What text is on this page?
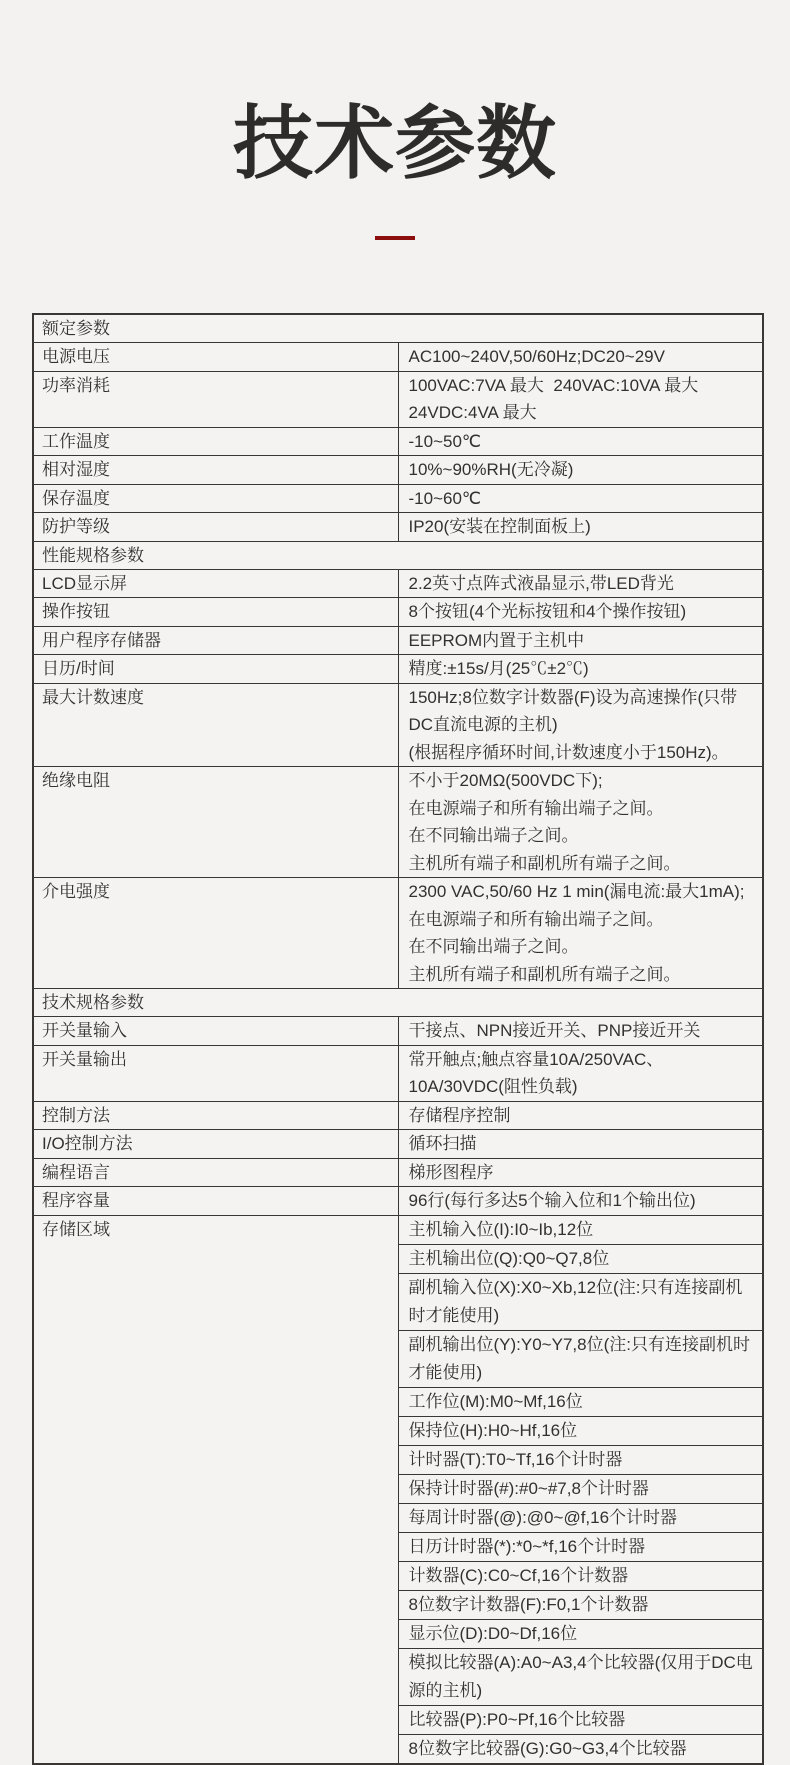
技术参数
额定参数	
电源电压	AC100~240V,50/60Hz;DC20~29V

功率消耗	100VAC:7VA 最大  240VAC:10VA 最大  24VDC:4VA 最大

工作温度	-10~50℃

相对湿度	10%~90%RH(无冷凝)

保存温度	-10~60℃

防护等级	IP20(安装在控制面板上)

性能规格参数	
LCD显示屏	2.2英寸点阵式液晶显示,带LED背光

操作按钮	8个按钮(4个光标按钮和4个操作按钮)

用户程序存储器	EEPROM内置于主机中

日历/时间	精度:±15s/月(25℃±2℃)

最大计数速度	150Hz;8位数字计数器(F)设为高速操作(只带DC直流电源的主机)
(根据程序循环时间,计数速度小于150Hz)。

绝缘电阻	不小于20MΩ(500VDC下);
在电源端子和所有输出端子之间。
在不同输出端子之间。
主机所有端子和副机所有端子之间。

介电强度	2300 VAC,50/60 Hz 1 min(漏电流:最大1mA);
在电源端子和所有输出端子之间。
在不同输出端子之间。
主机所有端子和副机所有端子之间。

技术规格参数	
开关量输入	干接点、NPN接近开关、PNP接近开关

开关量输出	常开触点;触点容量10A/250VAC、10A/30VDC(阻性负载)

控制方法	存储程序控制

I/O控制方法	循环扫描

编程语言	梯形图程序

程序容量	96行(每行多达5个输入位和1个输出位)

存储区域	主机输入位(I):I0~Ib,12位
	主机输出位(Q):Q0~Q7,8位
	副机输入位(X):X0~Xb,12位(注:只有连接副机时才能使用)
	副机输出位(Y):Y0~Y7,8位(注:只有连接副机时才能使用)
	工作位(M):M0~Mf,16位
	保持位(H):H0~Hf,16位
	计时器(T):T0~Tf,16个计时器
	保持计时器(#):#0~#7,8个计时器
	每周计时器(@):@0~@f,16个计时器
	日历计时器(*):*0~*f,16个计时器
	计数器(C):C0~Cf,16个计数器
	8位数字计数器(F):F0,1个计数器
	显示位(D):D0~Df,16位
	模拟比较器(A):A0~A3,4个比较器(仅用于DC电源的主机)
	比较器(P):P0~Pf,16个比较器
	8位数字比较器(G):G0~G3,4个比较器
